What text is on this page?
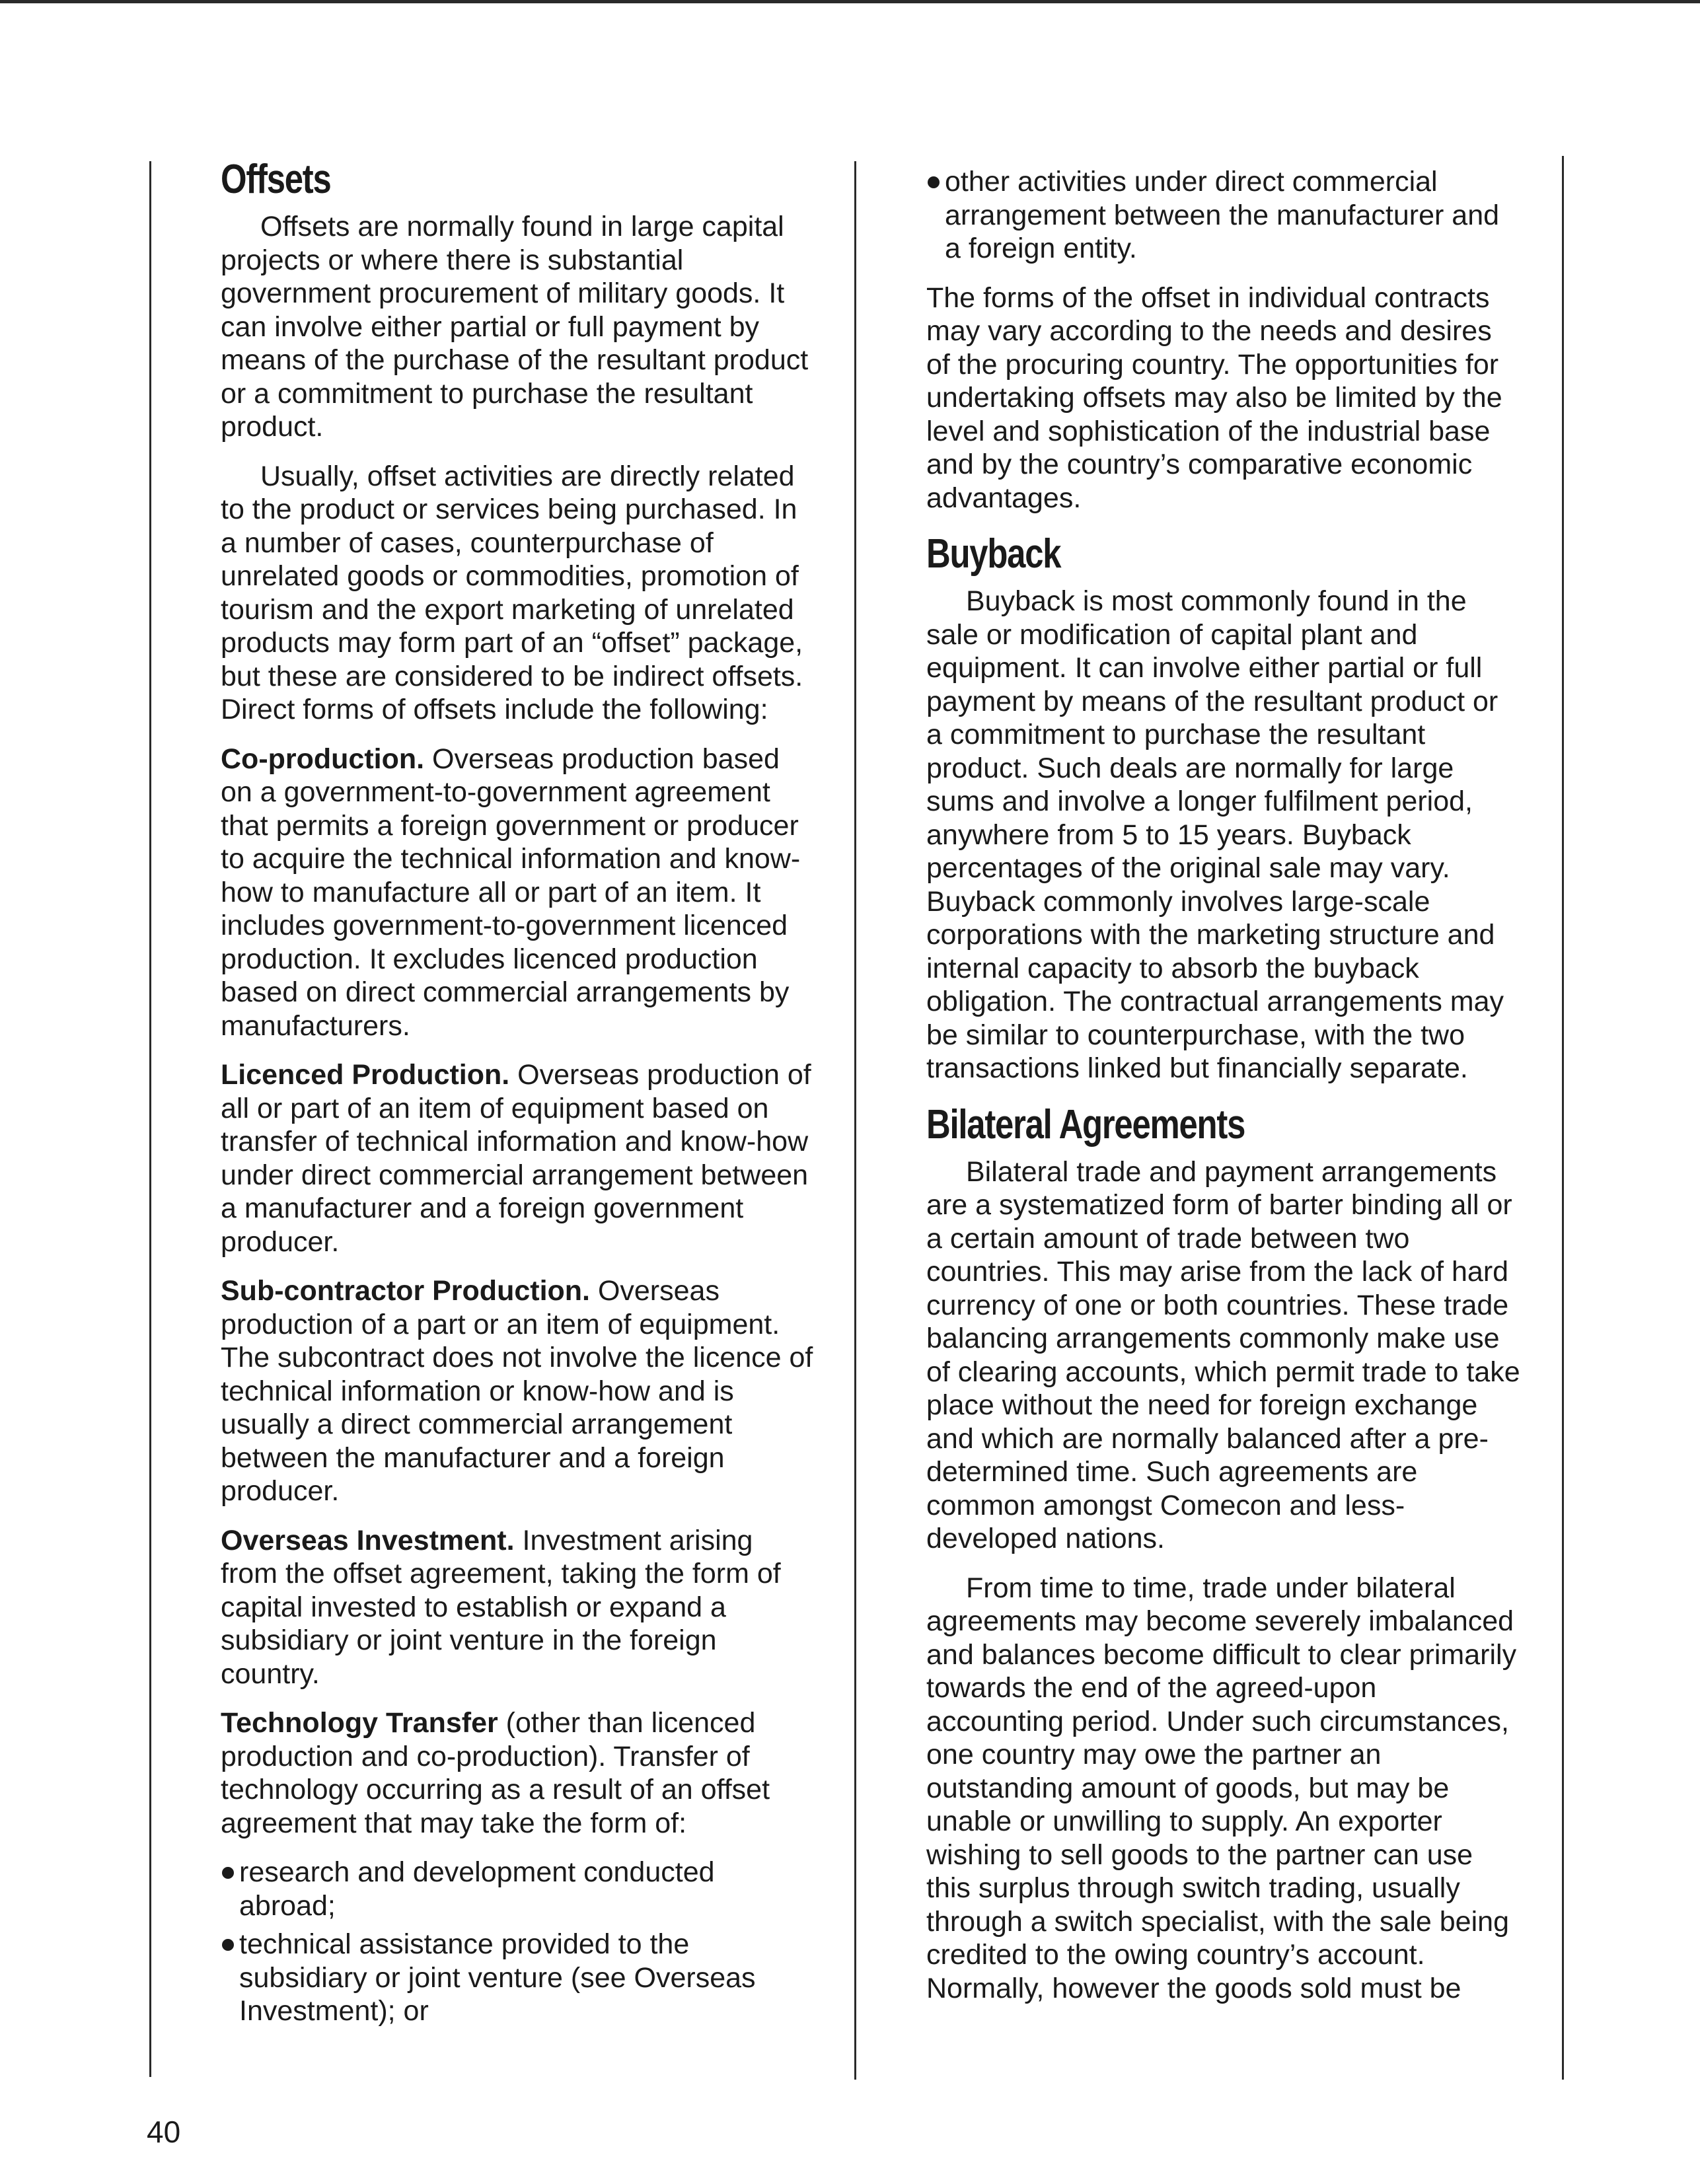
Offsets

Offsets are normally found in large capital projects or where there is substantial government procurement of military goods. It can involve either partial or full payment by means of the purchase of the resultant product or a commitment to purchase the resultant product.

Usually, offset activities are directly related to the product or services being purchased. In a number of cases, counterpurchase of unrelated goods or commodities, promotion of tourism and the export marketing of unrelated products may form part of an “offset” package, but these are considered to be indirect offsets. Direct forms of offsets include the following:

Co-production. Overseas production based on a government-to-government agreement that permits a foreign government or producer to acquire the technical information and know-how to manufacture all or part of an item. It includes government-to-government licenced production. It excludes licenced production based on direct commercial arrangements by manufacturers.

Licenced Production. Overseas production of all or part of an item of equipment based on transfer of technical information and know-how under direct commercial arrangement between a manufacturer and a foreign government producer.

Sub-contractor Production. Overseas production of a part or an item of equipment. The subcontract does not involve the licence of technical information or know-how and is usually a direct commercial arrangement between the manufacturer and a foreign producer.

Overseas Investment. Investment arising from the offset agreement, taking the form of capital invested to establish or expand a subsidiary or joint venture in the foreign country.

Technology Transfer (other than licenced production and co-production). Transfer of technology occurring as a result of an offset agreement that may take the form of:

research and development conducted abroad;
technical assistance provided to the subsidiary or joint venture (see Overseas Investment); or
other activities under direct commercial arrangement between the manufacturer and a foreign entity.

The forms of the offset in individual contracts may vary according to the needs and desires of the procuring country. The opportunities for undertaking offsets may also be limited by the level and sophistication of the industrial base and by the country’s comparative economic advantages.

Buyback

Buyback is most commonly found in the sale or modification of capital plant and equipment. It can involve either partial or full payment by means of the resultant product or a commitment to purchase the resultant product. Such deals are normally for large sums and involve a longer fulfilment period, anywhere from 5 to 15 years. Buyback percentages of the original sale may vary. Buyback commonly involves large-scale corporations with the marketing structure and internal capacity to absorb the buyback obligation. The contractual arrangements may be similar to counterpurchase, with the two transactions linked but financially separate.

Bilateral Agreements

Bilateral trade and payment arrangements are a systematized form of barter binding all or a certain amount of trade between two countries. This may arise from the lack of hard currency of one or both countries. These trade balancing arrangements commonly make use of clearing accounts, which permit trade to take place without the need for foreign exchange and which are normally balanced after a pre-determined time. Such agreements are common amongst Comecon and less-developed nations.

From time to time, trade under bilateral agreements may become severely imbalanced and balances become difficult to clear primarily towards the end of the agreed-upon accounting period. Under such circumstances, one country may owe the partner an outstanding amount of goods, but may be unable or unwilling to supply. An exporter wishing to sell goods to the partner can use this surplus through switch trading, usually through a switch specialist, with the sale being credited to the owing country’s account. Normally, however the goods sold must be

40
